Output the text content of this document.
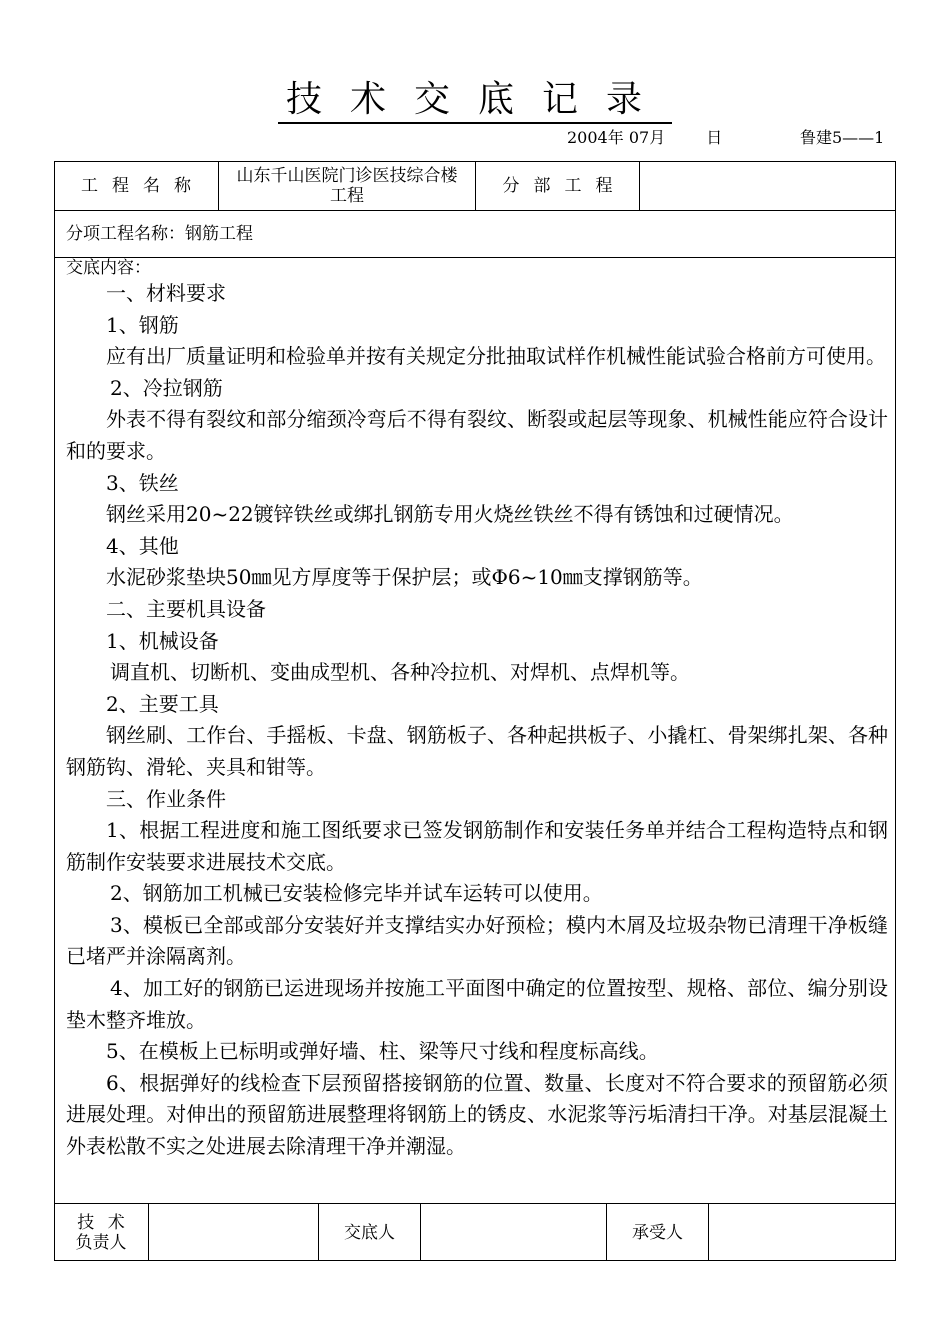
技术交底记录
2004年 07月	日	鲁建5——1
工程名称	山东千山医院门诊医技综合楼工程	分部工程
分项工程名称：钢筋工程
交底内容：

一、材料要求

1、钢筋

应有出厂质量证明和检验单并按有关规定分批抽取试样作机械性能试验合格前方可使用。

2、冷拉钢筋

外表不得有裂纹和部分缩颈冷弯后不得有裂纹、断裂或起层等现象、机械性能应符合设计和的要求。

3、铁丝

钢丝采用20~22镀锌铁丝或绑扎钢筋专用火烧丝铁丝不得有锈蚀和过硬情况。

4、其他

水泥砂浆垫块50㎜见方厚度等于保护层；或Φ6~10㎜支撑钢筋等。

二、主要机具设备

1、机械设备

调直机、切断机、变曲成型机、各种冷拉机、对焊机、点焊机等。

2、主要工具

钢丝刷、工作台、手摇板、卡盘、钢筋板子、各种起拱板子、小撬杠、骨架绑扎架、各种钢筋钩、滑轮、夹具和钳等。

三、作业条件

1、根据工程进度和施工图纸要求已签发钢筋制作和安装任务单并结合工程构造特点和钢筋制作安装要求进展技术交底。

2、钢筋加工机械已安装检修完毕并试车运转可以使用。

3、模板已全部或部分安装好并支撑结实办好预检；模内木屑及垃圾杂物已清理干净板缝已堵严并涂隔离剂。

4、加工好的钢筋已运进现场并按施工平面图中确定的位置按型、规格、部位、编分别设垫木整齐堆放。

5、在模板上已标明或弹好墙、柱、梁等尺寸线和程度标高线。

6、根据弹好的线检查下层预留搭接钢筋的位置、数量、长度对不符合要求的预留筋必须进展处理。对伸出的预留筋进展整理将钢筋上的锈皮、水泥浆等污垢清扫干净。对基层混凝土外表松散不实之处进展去除清理干净并潮湿。

技 术
负责人	交底人	承受人
